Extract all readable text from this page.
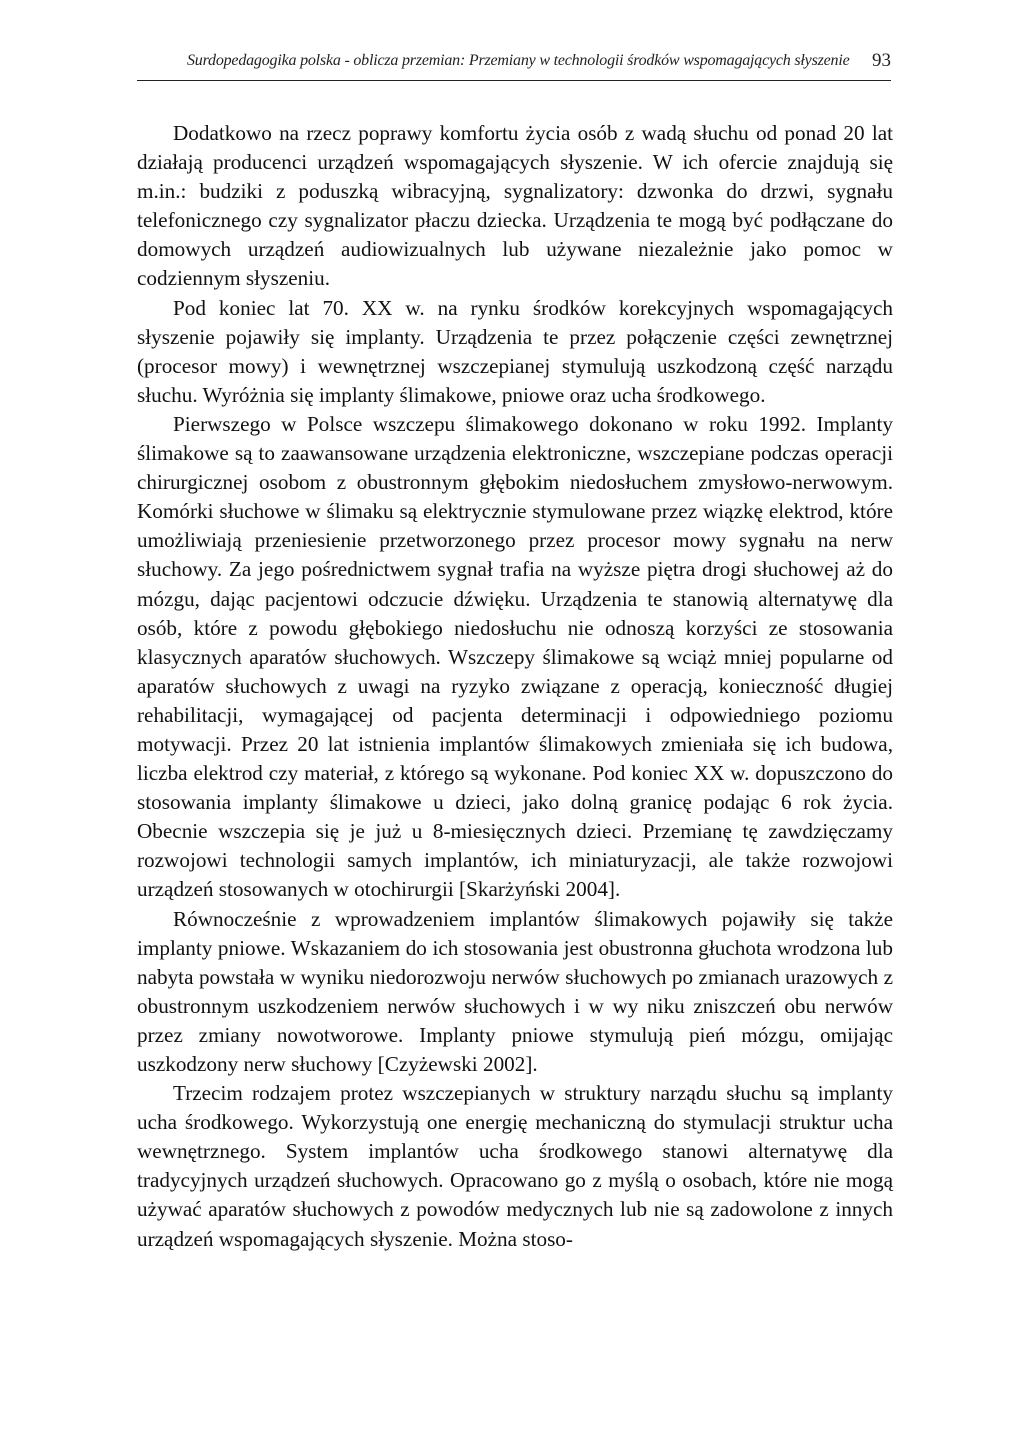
Surdopedagogika polska - oblicza przemian: Przemiany w technologii środków wspomagających słyszenie 93

Dodatkowo na rzecz poprawy komfortu życia osób z wadą słuchu od ponad 20 lat działają producenci urządzeń wspomagających słyszenie. W ich ofercie znajdują się m.in.: budziki z poduszką wibracyjną, sygnalizatory: dzwonka do drzwi, sygnału telefonicznego czy sygnalizator płaczu dziecka. Urządzenia te mogą być podłączane do domowych urządzeń audiowizualnych lub używane niezależnie jako pomoc w codziennym słyszeniu.

Pod koniec lat 70. XX w. na rynku środków korekcyjnych wspomagających słyszenie pojawiły się implanty. Urządzenia te przez połączenie części zewnętrznej (procesor mowy) i wewnętrznej wszczepianej stymulują uszkodzoną część narządu słuchu. Wyróżnia się implanty ślimakowe, pniowe oraz ucha środkowego.

Pierwszego w Polsce wszczepu ślimakowego dokonano w roku 1992. Implanty ślimakowe są to zaawansowane urządzenia elektroniczne, wszczepiane podczas operacji chirurgicznej osobom z obustronnym głębokim niedosłuchem zmysłowo-nerwowym. Komórki słuchowe w ślimaku są elektrycznie stymulowane przez wiązkę elektrod, które umożliwiają przeniesienie przetworzonego przez procesor mowy sygnału na nerw słuchowy. Za jego pośrednictwem sygnał trafia na wyższe piętra drogi słuchowej aż do mózgu, dając pacjentowi odczucie dźwięku. Urządzenia te stanowią alternatywę dla osób, które z powodu głębokiego niedosłuchu nie odnoszą korzyści ze stosowania klasycznych aparatów słuchowych. Wszczepy ślimakowe są wciąż mniej popularne od aparatów słuchowych z uwagi na ryzyko związane z operacją, konieczność długiej rehabilitacji, wymagającej od pacjenta determinacji i odpowiedniego poziomu motywacji. Przez 20 lat istnienia implantów ślimakowych zmieniała się ich budowa, liczba elektrod czy materiał, z którego są wykonane. Pod koniec XX w. dopuszczono do stosowania implanty ślimakowe u dzieci, jako dolną granicę podając 6 rok życia. Obecnie wszczepia się je już u 8-miesięcznych dzieci. Przemianę tę zawdzięczamy rozwojowi technologii samych implantów, ich miniaturyzacji, ale także rozwojowi urządzeń stosowanych w otochirurgii [Skarżyński 2004].

Równocześnie z wprowadzeniem implantów ślimakowych pojawiły się także implanty pniowe. Wskazaniem do ich stosowania jest obustronna głuchota wrodzona lub nabyta powstała w wyniku niedorozwoju nerwów słuchowych po zmianach urazowych z obustronnym uszkodzeniem nerwów słuchowych i w wy niku zniszczeń obu nerwów przez zmiany nowotworowe. Implanty pniowe stymulują pień mózgu, omijając uszkodzony nerw słuchowy [Czyżewski 2002].

Trzecim rodzajem protez wszczepianych w struktury narządu słuchu są implanty ucha środkowego. Wykorzystują one energię mechaniczną do stymulacji struktur ucha wewnętrznego. System implantów ucha środkowego stanowi alternatywę dla tradycyjnych urządzeń słuchowych. Opracowano go z myślą o osobach, które nie mogą używać aparatów słuchowych z powodów medycznych lub nie są zadowolone z innych urządzeń wspomagających słyszenie. Można stoso-
